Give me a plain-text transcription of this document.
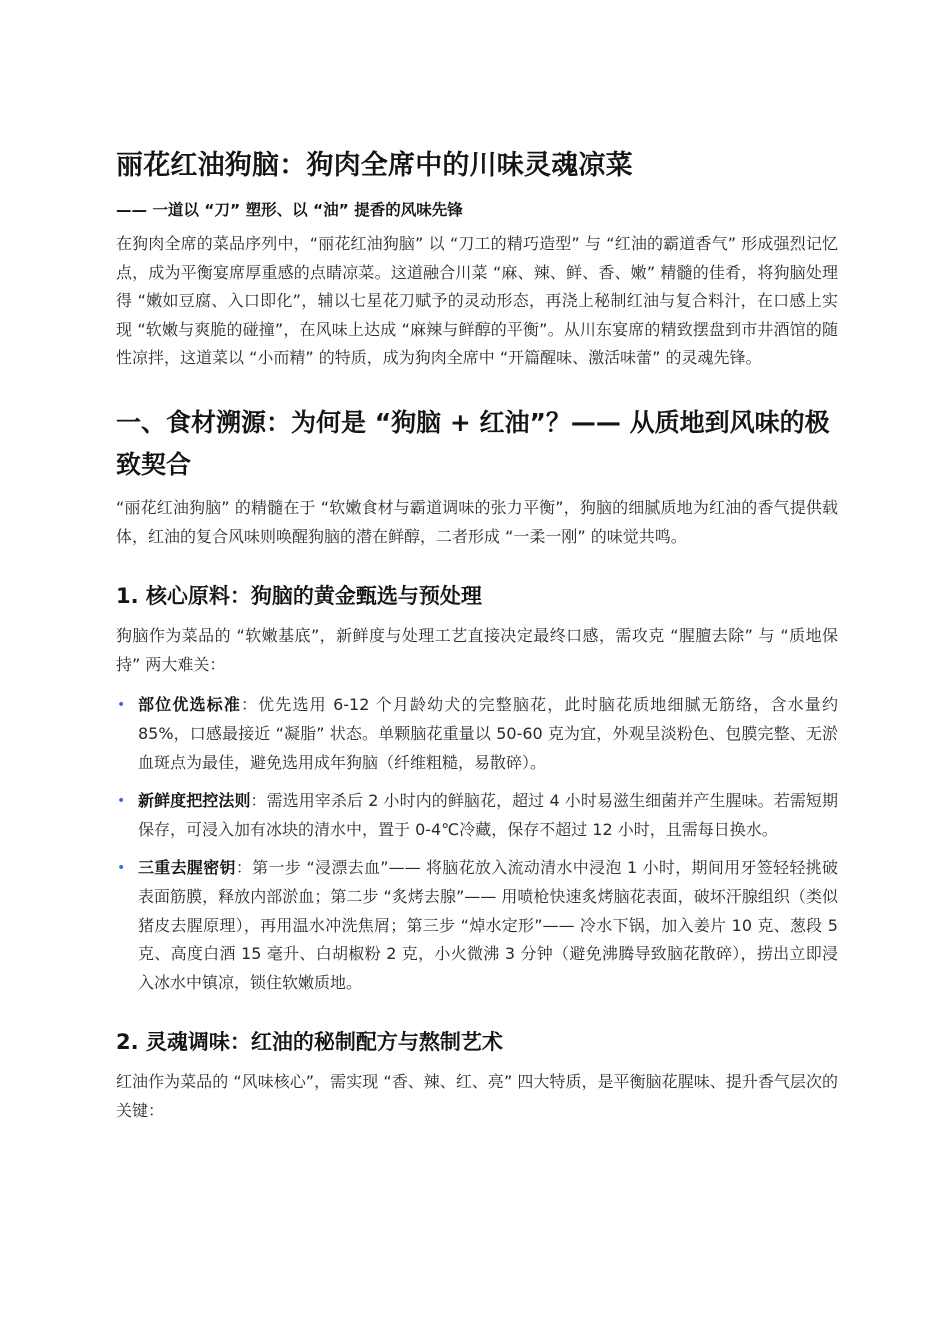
丽花红油狗脑：狗肉全席中的川味灵魂凉菜
—— 一道以 “刀” 塑形、以 “油” 提香的风味先锋

在狗肉全席的菜品序列中，“丽花红油狗脑” 以 “刀工的精巧造型” 与 “红油的霸道香气” 形成强烈记忆点，成为平衡宴席厚重感的点睛凉菜。这道融合川菜 “麻、辣、鲜、香、嫩” 精髓的佳肴，将狗脑处理得 “嫩如豆腐、入口即化”，辅以七星花刀赋予的灵动形态，再浇上秘制红油与复合料汁，在口感上实现 “软嫩与爽脆的碰撞”，在风味上达成 “麻辣与鲜醇的平衡”。从川东宴席的精致摆盘到市井酒馆的随性凉拌，这道菜以 “小而精” 的特质，成为狗肉全席中 “开篇醒味、激活味蕾” 的灵魂先锋。

一、食材溯源：为何是 “狗脑 + 红油”？—— 从质地到风味的极致契合

“丽花红油狗脑” 的精髓在于 “软嫩食材与霸道调味的张力平衡”，狗脑的细腻质地为红油的香气提供载体，红油的复合风味则唤醒狗脑的潜在鲜醇，二者形成 “一柔一刚” 的味觉共鸣。

1. 核心原料：狗脑的黄金甄选与预处理

狗脑作为菜品的 “软嫩基底”，新鲜度与处理工艺直接决定最终口感，需攻克 “腥膻去除” 与 “质地保持” 两大难关：

• 部位优选标准：优先选用 6-12 个月龄幼犬的完整脑花，此时脑花质地细腻无筋络，含水量约 85%，口感最接近 “凝脂” 状态。单颗脑花重量以 50-60 克为宜，外观呈淡粉色、包膜完整、无淤血斑点为最佳，避免选用成年狗脑（纤维粗糙，易散碎）。
• 新鲜度把控法则：需选用宰杀后 2 小时内的鲜脑花，超过 4 小时易滋生细菌并产生腥味。若需短期保存，可浸入加有冰块的清水中，置于 0-4℃冷藏，保存不超过 12 小时，且需每日换水。
• 三重去腥密钥：第一步 “浸漂去血”—— 将脑花放入流动清水中浸泡 1 小时，期间用牙签轻轻挑破表面筋膜，释放内部淤血；第二步 “炙烤去腺”—— 用喷枪快速炙烤脑花表面，破坏汗腺组织（类似猪皮去腥原理），再用温水冲洗焦屑；第三步 “焯水定形”—— 冷水下锅，加入姜片 10 克、葱段 5 克、高度白酒 15 毫升、白胡椒粉 2 克，小火微沸 3 分钟（避免沸腾导致脑花散碎），捞出立即浸入冰水中镇凉，锁住软嫩质地。
2. 灵魂调味：红油的秘制配方与熬制艺术

红油作为菜品的 “风味核心”，需实现 “香、辣、红、亮” 四大特质，是平衡脑花腥味、提升香气层次的关键：
